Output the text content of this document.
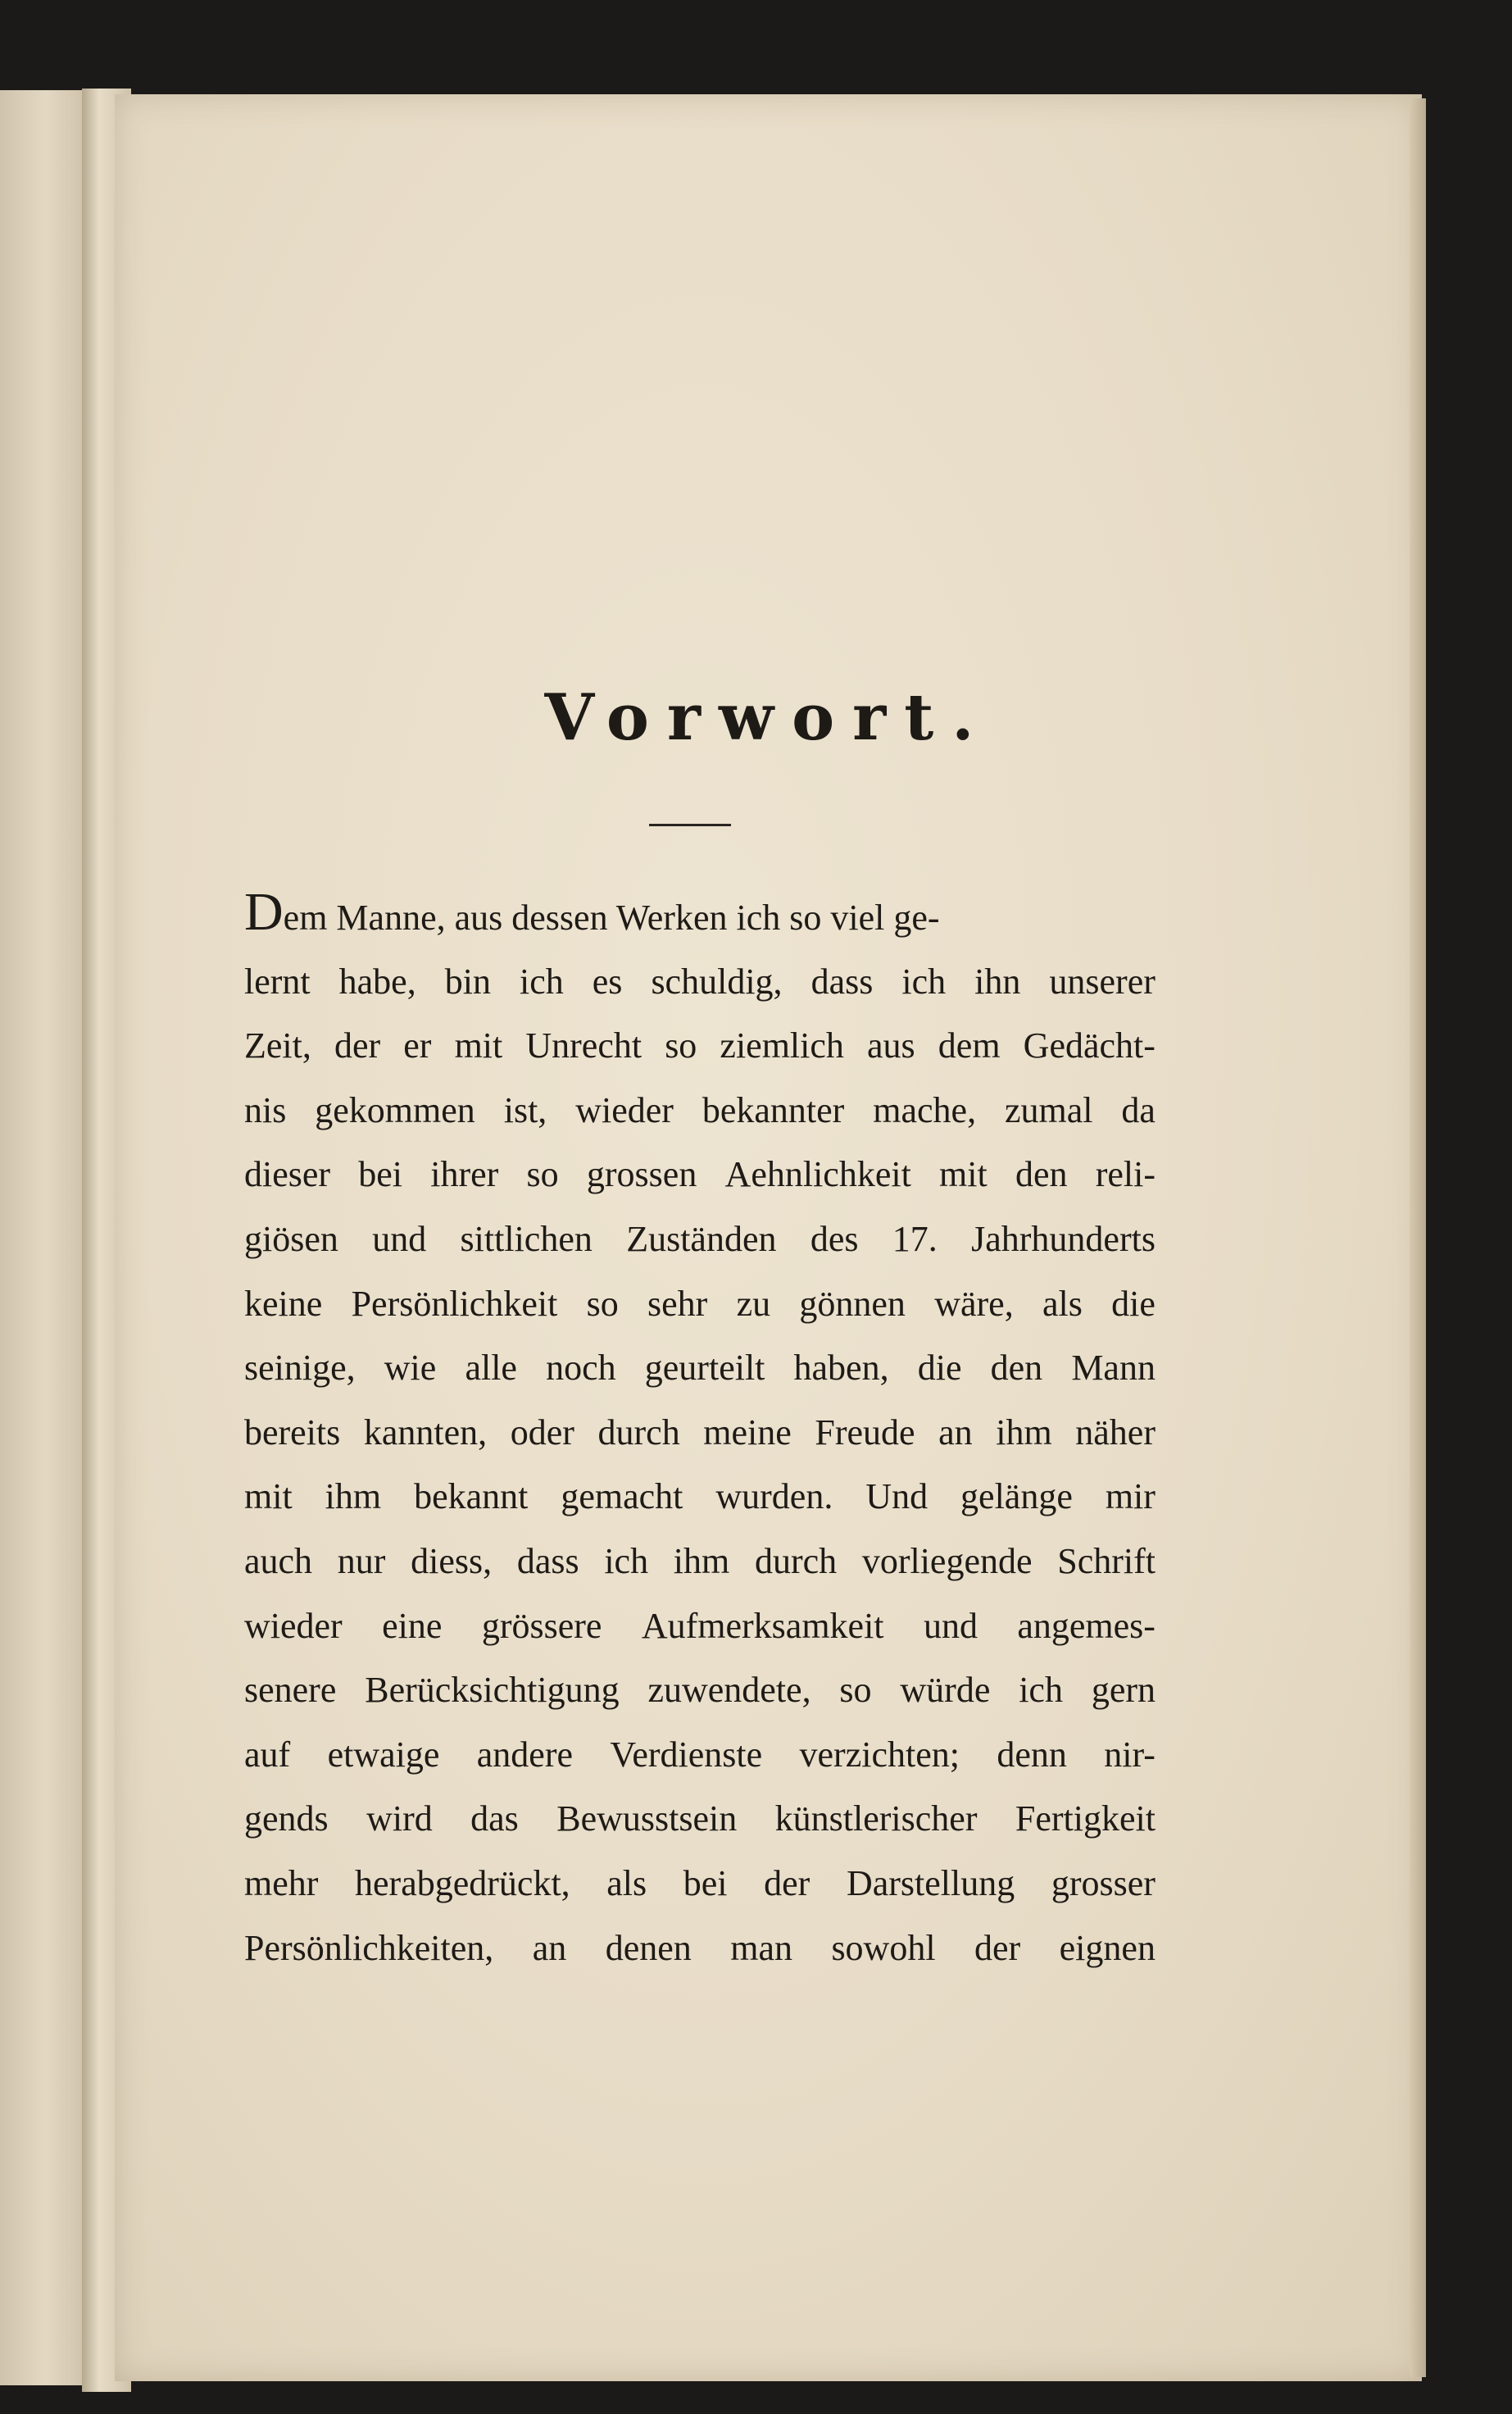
Vorwort.
Dem Manne, aus dessen Werken ich so viel ge-
lernt habe, bin ich es schuldig, dass ich ihn unserer
Zeit, der er mit Unrecht so ziemlich aus dem Gedächt-
nis gekommen ist, wieder bekannter mache, zumal da
dieser bei ihrer so grossen Aehnlichkeit mit den reli-
giösen und sittlichen Zuständen des 17. Jahrhunderts
keine Persönlichkeit so sehr zu gönnen wäre, als die
seinige, wie alle noch geurteilt haben, die den Mann
bereits kannten, oder durch meine Freude an ihm näher
mit ihm bekannt gemacht wurden. Und gelänge mir
auch nur diess, dass ich ihm durch vorliegende Schrift
wieder eine grössere Aufmerksamkeit und angemes-
senere Berücksichtigung zuwendete, so würde ich gern
auf etwaige andere Verdienste verzichten; denn nir-
gends wird das Bewusstsein künstlerischer Fertigkeit
mehr herabgedrückt, als bei der Darstellung grosser
Persönlichkeiten, an denen man sowohl der eignen
